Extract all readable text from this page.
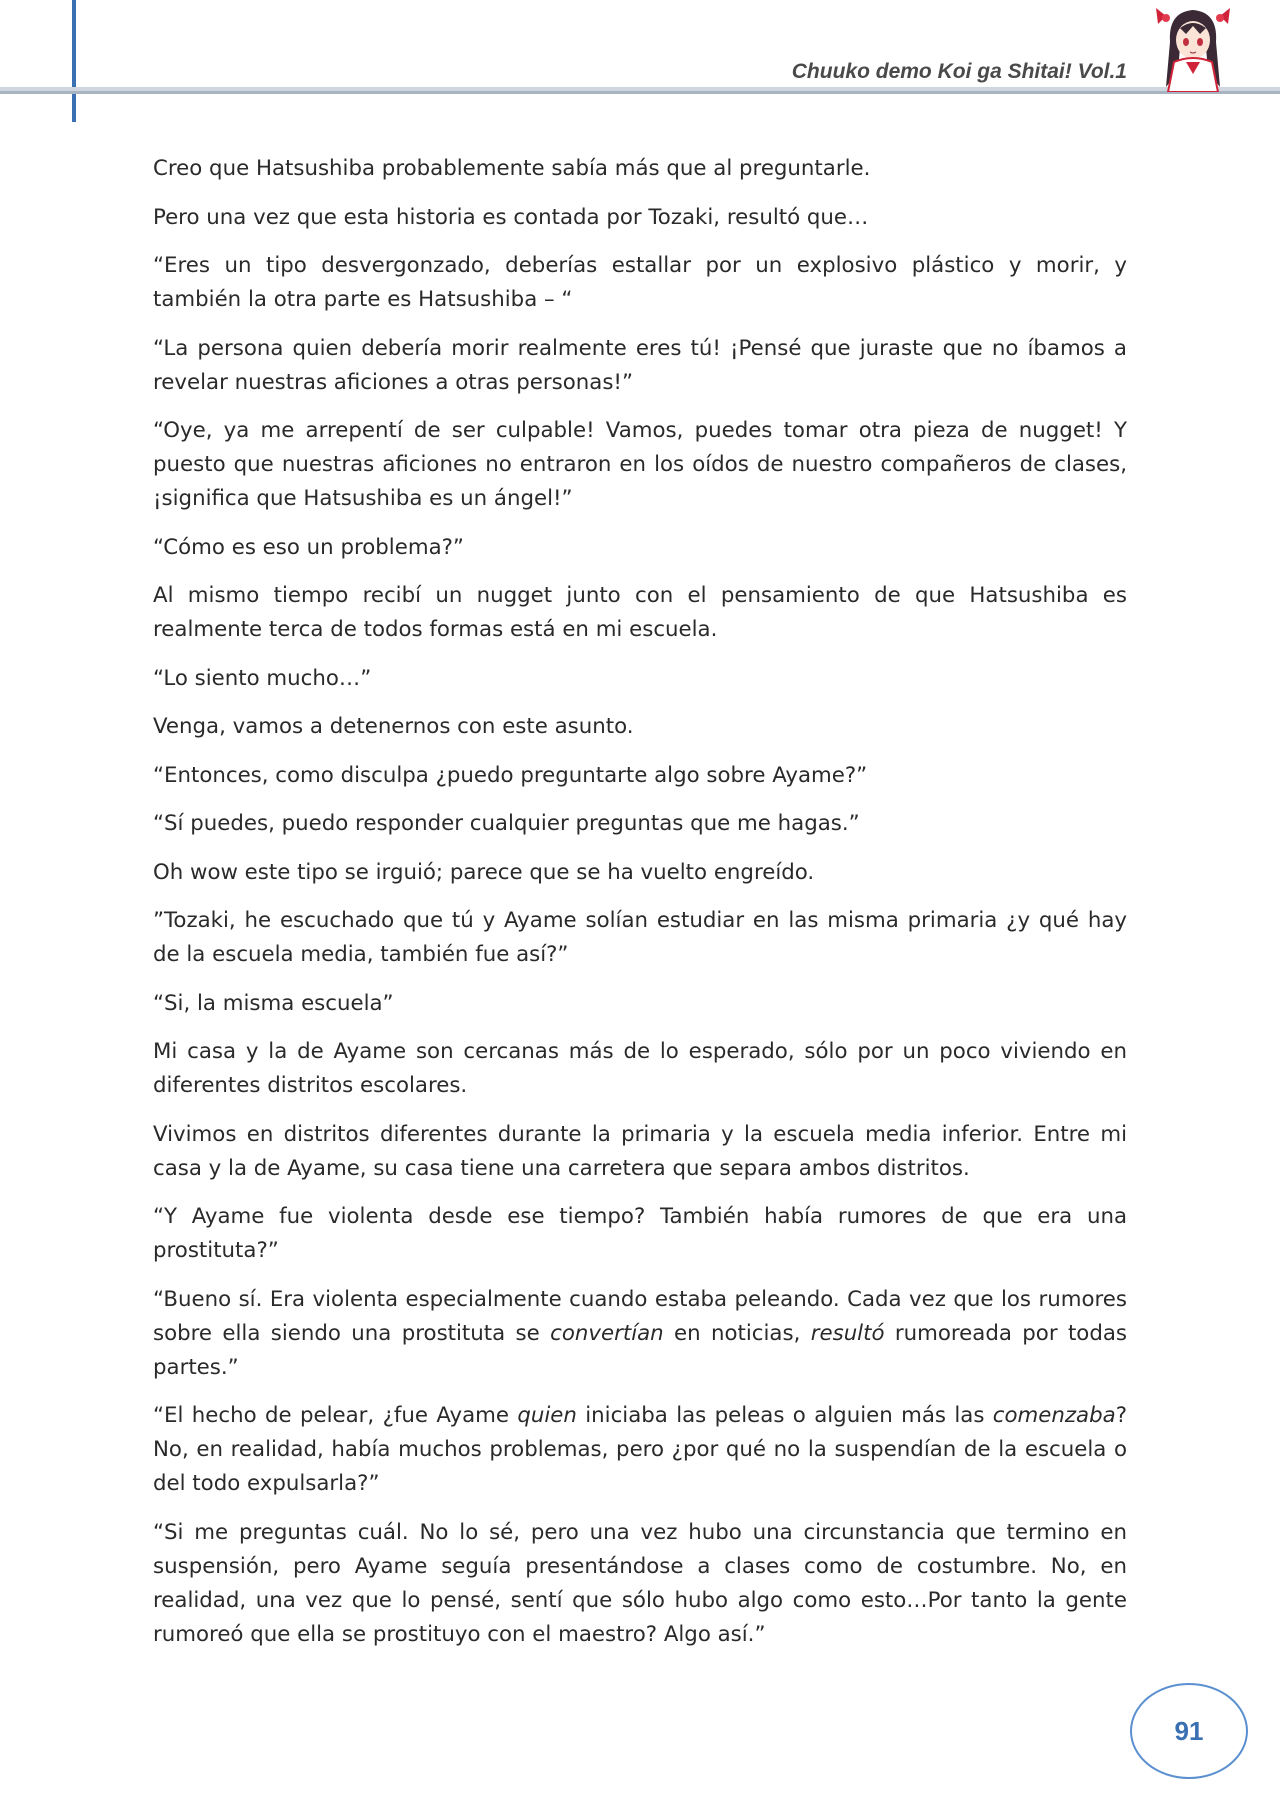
Chuuko demo Koi ga Shitai! Vol.1

Creo que Hatsushiba probablemente sabía más que al preguntarle.

Pero una vez que esta historia es contada por Tozaki, resultó que…

“Eres un tipo desvergonzado, deberías estallar por un explosivo plástico y morir, y también la otra parte es Hatsushiba – “

“La persona quien debería morir realmente eres tú! ¡Pensé que juraste que no íbamos a revelar nuestras aficiones a otras personas!”

“Oye, ya me arrepentí de ser culpable! Vamos, puedes tomar otra pieza de nugget! Y puesto que nuestras aficiones no entraron en los oídos de nuestro compañeros de clases, ¡significa que Hatsushiba es un ángel!”

“Cómo es eso un problema?”

Al mismo tiempo recibí un nugget junto con el pensamiento de que Hatsushiba es realmente terca de todos formas está en mi escuela.

“Lo siento mucho…”

Venga, vamos a detenernos con este asunto.

“Entonces, como disculpa ¿puedo preguntarte algo sobre Ayame?”

“Sí puedes, puedo responder cualquier preguntas que me hagas.”

Oh wow este tipo se irguió; parece que se ha vuelto engreído.

”Tozaki, he escuchado que tú y Ayame solían estudiar en las misma primaria ¿y qué hay de la escuela media, también fue así?”

“Si, la misma escuela”

Mi casa y la de Ayame son cercanas más de lo esperado, sólo por un poco viviendo en diferentes distritos escolares.

Vivimos en distritos diferentes durante la primaria y la escuela media inferior. Entre mi casa y la de Ayame, su casa tiene una carretera que separa ambos distritos.

“Y Ayame fue violenta desde ese tiempo? También había rumores de que era una prostituta?”

“Bueno sí. Era violenta especialmente cuando estaba peleando. Cada vez que los rumores sobre ella siendo una prostituta se convertían en noticias, resultó rumoreada por todas partes.”

“El hecho de pelear, ¿fue Ayame quien iniciaba las peleas o alguien más las comenzaba? No, en realidad, había muchos problemas, pero ¿por qué no la suspendían de la escuela o del todo expulsarla?”

“Si me preguntas cuál. No lo sé, pero una vez hubo una circunstancia que termino en suspensión, pero Ayame seguía presentándose a clases como de costumbre. No, en realidad, una vez que lo pensé, sentí que sólo hubo algo como esto…Por tanto la gente rumoreó que ella se prostituyo con el maestro? Algo así.”

91
